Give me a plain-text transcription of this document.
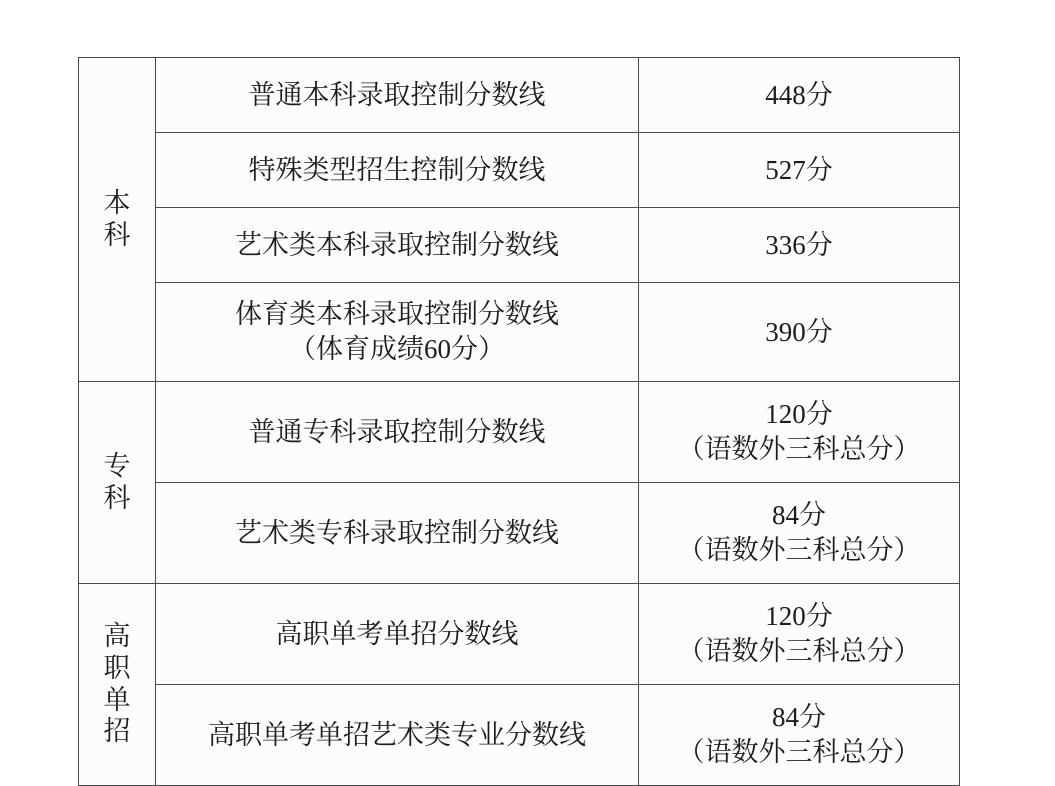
本
科	普通本科录取控制分数线	448分

	特殊类型招生控制分数线	527分

	艺术类本科录取控制分数线	336分

	体育类本科录取控制分数线
（体育成绩60分）	390分

专
科	普通专科录取控制分数线	120分
（语数外三科总分）

	艺术类专科录取控制分数线	84分
（语数外三科总分）

高
职
单
招	高职单考单招分数线	120分
（语数外三科总分）

	高职单考单招艺术类专业分数线	84分
（语数外三科总分）
